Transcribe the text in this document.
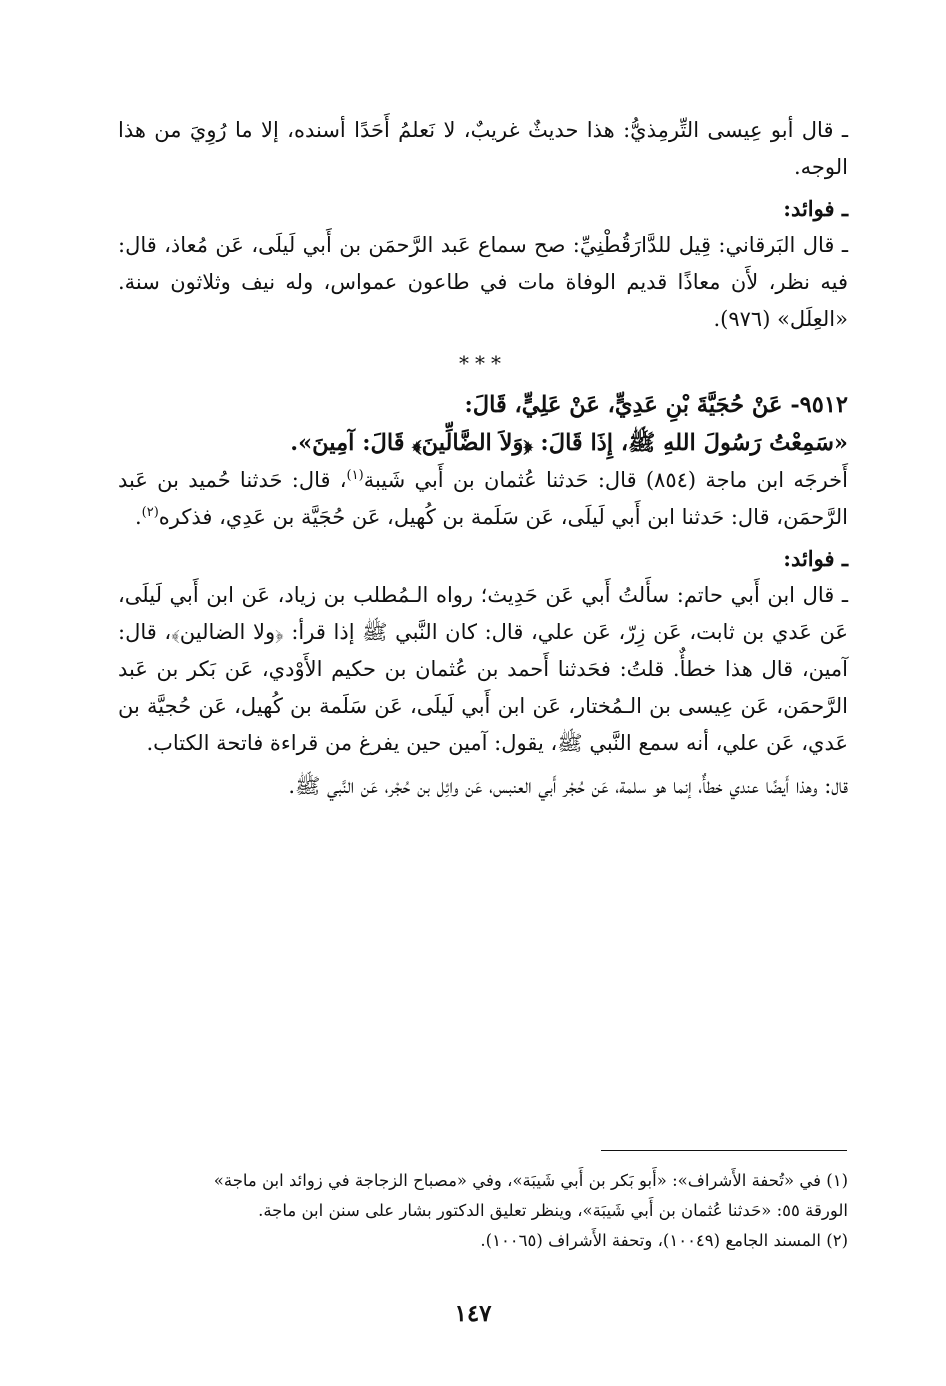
ـ قال أبو عِيسى التِّرمِذيُّ: هذا حديثٌ غريبٌ، لا نَعلمُ أَحَدًا أسنده، إلا ما رُوِيَ من هذا الوجه.

ـ فوائد:

ـ قال البَرقاني: قِيل للدَّارَقُطْنِيِّ: صح سماع عَبد الرَّحمَن بن أَبي لَيلَى، عَن مُعاذ، قال: فيه نظر، لأَن معاذًا قديم الوفاة مات في طاعون عمواس، وله نيف وثلاثون سنة. «العِلَل» (٩٧٦).

***

٩٥١٢- عَنْ حُجَيَّةَ بْنِ عَدِيٍّ، عَنْ عَلِيٍّ، قَالَ:

«سَمِعْتُ رَسُولَ اللهِ ﷺ، إِذَا قَالَ: ﴿وَلاَ الضَّالِّينَ﴾ قَالَ: آمِينَ».

أَخرجَه ابن ماجة (٨٥٤) قال: حَدثنا عُثمان بن أَبي شَيبة$^{(١)}$، قال: حَدثنا حُميد بن عَبد الرَّحمَن، قال: حَدثنا ابن أَبي لَيلَى، عَن سَلَمة بن كُهيل، عَن حُجَيَّة بن عَدِي، فذكره$^{(٢)}$.

ـ فوائد:

ـ قال ابن أَبي حاتم: سأَلتُ أَبي عَن حَدِيث؛ رواه الـمُطلب بن زياد، عَن ابن أَبي لَيلَى، عَن عَدي بن ثابت، عَن زِرّ، عَن علي، قال: كان النَّبي ﷺ إذا قرأ: ﴿ولا الضالين﴾، قال: آمين، قال هذا خطأٌ. قلتُ: فحَدثنا أَحمد بن عُثمان بن حكيم الأَوْدي، عَن بَكر بن عَبد الرَّحمَن، عَن عِيسى بن الـمُختار، عَن ابن أَبي لَيلَى، عَن سَلَمة بن كُهيل، عَن حُجيَّة بن عَدي، عَن علي، أنه سمع النَّبي ﷺ، يقول: آمين حين يفرغ من قراءة فاتحة الكتاب.

قال: وهذا أَيضًا عندي خطأٌ، إنما هو سلمة، عَن حُجْر أَبي العنبس، عَن وائِل بن حُجْر، عَن النَّبي ﷺ.

(١) في «تُحفة الأَشراف»: «أَبو بَكر بن أَبي شَيبَة»، وفي «مصباح الزجاجة في زوائد ابن ماجة»

الورقة ٥٥: «حَدثنا عُثمان بن أَبي شَيبَة»، وينظر تعليق الدكتور بشار على سنن ابن ماجة.

(٢) المسند الجامع (١٠٠٤٩)، وتحفة الأَشراف (١٠٠٦٥).

١٤٧
